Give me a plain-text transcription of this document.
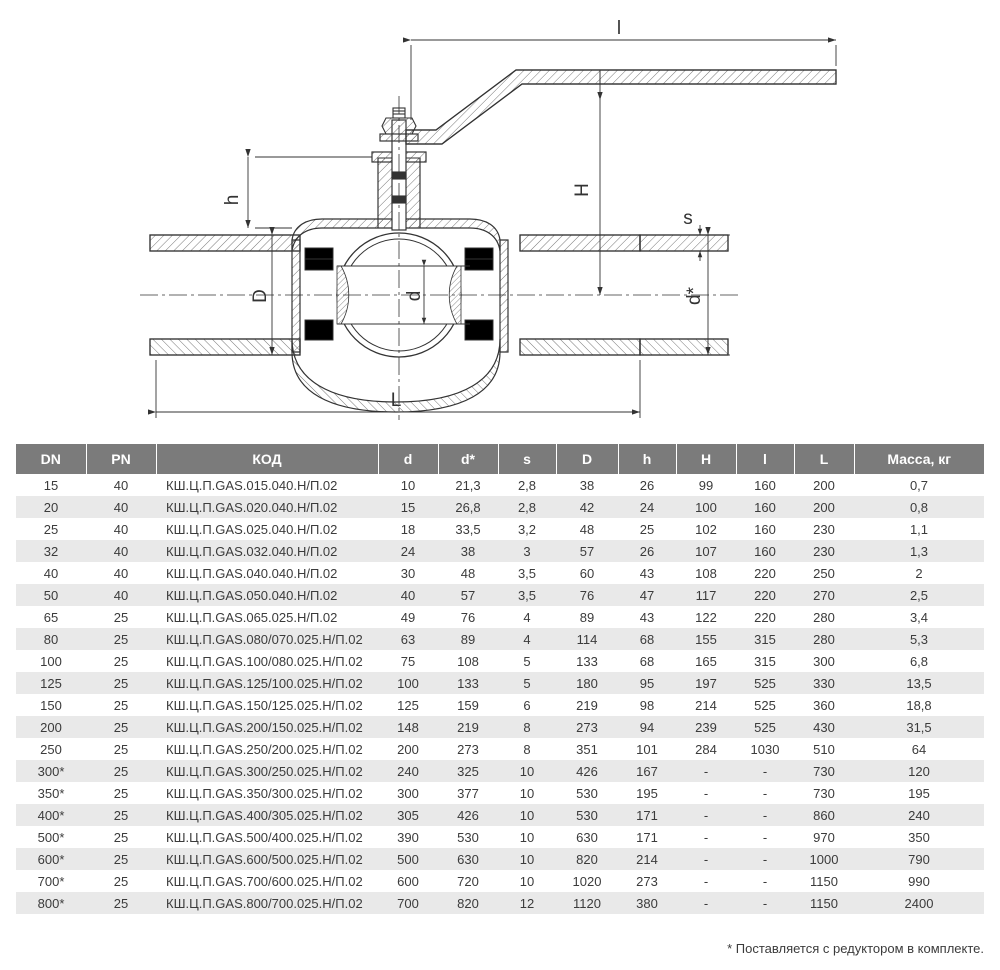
l
h
H
s
D	d	d*
L
DN	PN	КОД	d	d*	s	D	h	H	l	L	Масса, кг
15	40	КШ.Ц.П.GAS.015.040.Н/П.02	10	21,3	2,8	38	26	99	160	200	0,7
20	40	КШ.Ц.П.GAS.020.040.Н/П.02	15	26,8	2,8	42	24	100	160	200	0,8
25	40	КШ.Ц.П.GAS.025.040.Н/П.02	18	33,5	3,2	48	25	102	160	230	1,1
32	40	КШ.Ц.П.GAS.032.040.Н/П.02	24	38	3	57	26	107	160	230	1,3
40	40	КШ.Ц.П.GAS.040.040.Н/П.02	30	48	3,5	60	43	108	220	250	2
50	40	КШ.Ц.П.GAS.050.040.Н/П.02	40	57	3,5	76	47	117	220	270	2,5
65	25	КШ.Ц.П.GAS.065.025.Н/П.02	49	76	4	89	43	122	220	280	3,4
80	25	КШ.Ц.П.GAS.080/070.025.Н/П.02	63	89	4	114	68	155	315	280	5,3
100	25	КШ.Ц.П.GAS.100/080.025.Н/П.02	75	108	5	133	68	165	315	300	6,8
125	25	КШ.Ц.П.GAS.125/100.025.Н/П.02	100	133	5	180	95	197	525	330	13,5
150	25	КШ.Ц.П.GAS.150/125.025.Н/П.02	125	159	6	219	98	214	525	360	18,8
200	25	КШ.Ц.П.GAS.200/150.025.Н/П.02	148	219	8	273	94	239	525	430	31,5
250	25	КШ.Ц.П.GAS.250/200.025.Н/П.02	200	273	8	351	101	284	1030	510	64
300*	25	КШ.Ц.П.GAS.300/250.025.Н/П.02	240	325	10	426	167	-	-	730	120
350*	25	КШ.Ц.П.GAS.350/300.025.Н/П.02	300	377	10	530	195	-	-	730	195
400*	25	КШ.Ц.П.GAS.400/305.025.Н/П.02	305	426	10	530	171	-	-	860	240
500*	25	КШ.Ц.П.GAS.500/400.025.Н/П.02	390	530	10	630	171	-	-	970	350
600*	25	КШ.Ц.П.GAS.600/500.025.Н/П.02	500	630	10	820	214	-	-	1000	790
700*	25	КШ.Ц.П.GAS.700/600.025.Н/П.02	600	720	10	1020	273	-	-	1150	990
800*	25	КШ.Ц.П.GAS.800/700.025.Н/П.02	700	820	12	1120	380	-	-	1150	2400
* Поставляется с редуктором в комплекте.
